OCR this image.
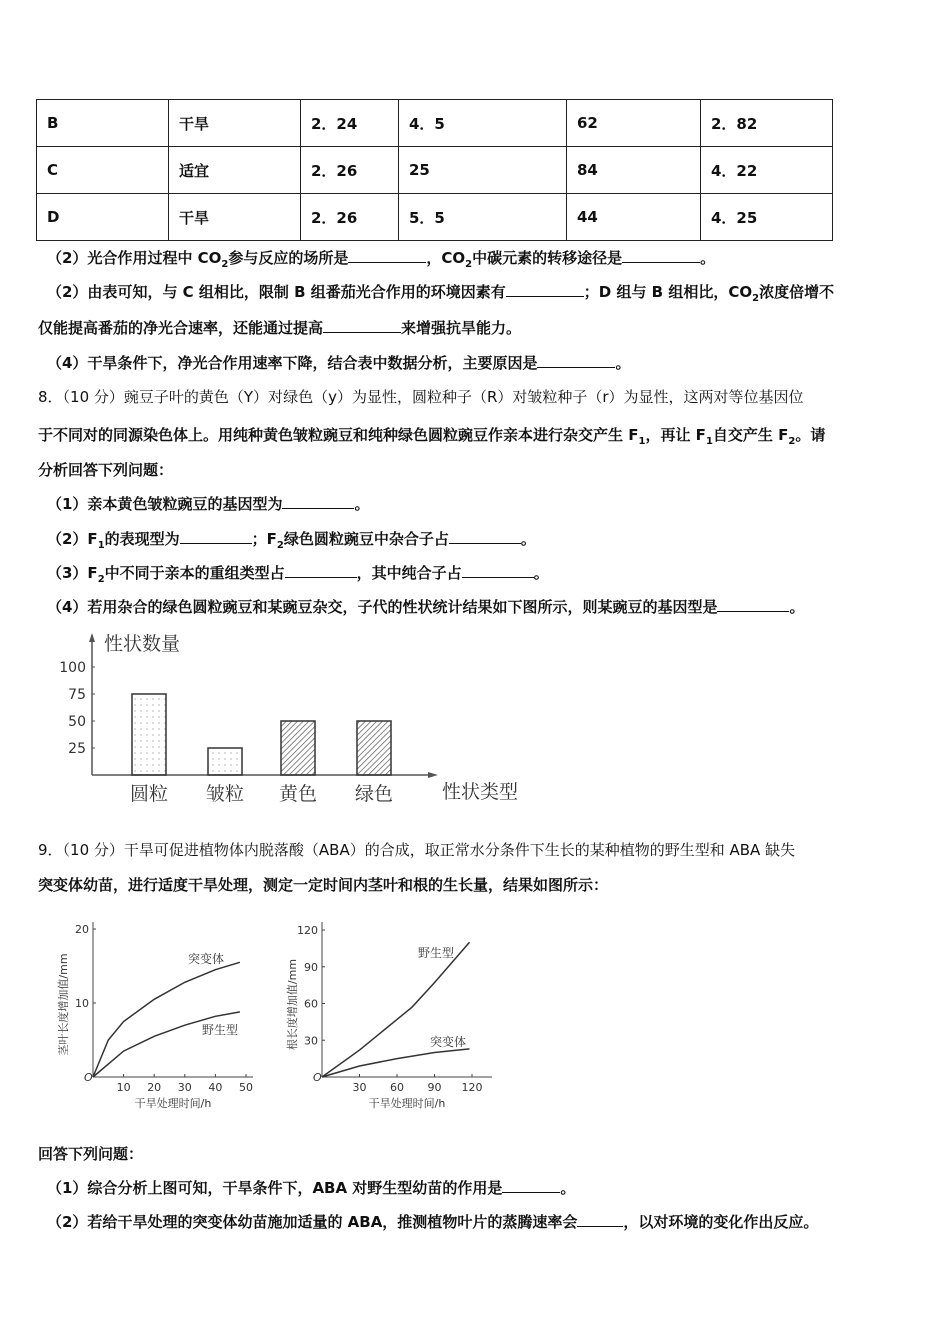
B	干旱	2．24	4．5	62	2．82
C	适宜	2．26	25	84	4．22
D	干旱	2．26	5．5	44	4．25
（2）光合作用过程中 $CO_2$参与反应的场所是	，$CO_2$中碳元素的转移途径是	。
（2）由表可知，与 C 组相比，限制 B 组番茄光合作用的环境因素有	；D 组与 B 组相比，$CO_2$浓度倍增不
仅能提高番茄的净光合速率，还能通过提高	来增强抗旱能力。
（4）干旱条件下，净光合作用速率下降，结合表中数据分析，主要原因是	。
8．（10 分）豌豆子叶的黄色（Y）对绿色（y）为显性，圆粒种子（R）对皱粒种子（r）为显性，这两对等位基因位
于不同对的同源染色体上。用纯种黄色皱粒豌豆和纯种绿色圆粒豌豆作亲本进行杂交产生 $F_1$，再让 $F_1$自交产生 $F_2$。请
分析回答下列问题：
（1）亲本黄色皱粒豌豆的基因型为	。
$(2)F_1$的表现型为	；$F_2$绿色圆粒豌豆中杂合子占	。
$(3)F_2$中不同于亲本的重组类型占	，其中纯合子占	。
（4）若用杂合的绿色圆粒豌豆和某豌豆杂交，子代的性状统计结果如下图所示，则某豌豆的基因型是	。
性状数量
性状类型
25
50
75
100
圆粒 皱粒 黄色 绿色
O
10 20 30 40 50
10
20
干旱处理时间/h
茎叶长度增加值/mm	突变体
野生型
O
30 60 90 120
30
60
90
120
干旱处理时间/h
根长度增加值/mm
野生型
突变体
9．（10 分）干旱可促进植物体内脱落酸（ABA）的合成，取正常水分条件下生长的某种植物的野生型和 ABA 缺失
突变体幼苗，进行适度干旱处理，测定一定时间内茎叶和根的生长量，结果如图所示：
回答下列问题：
（1）综合分析上图可知，干旱条件下，ABA 对野生型幼苗的作用是	。
（2）若给干旱处理的突变体幼苗施加适量的 ABA，推测植物叶片的蒸腾速率会	，以对环境的变化作出反应。
